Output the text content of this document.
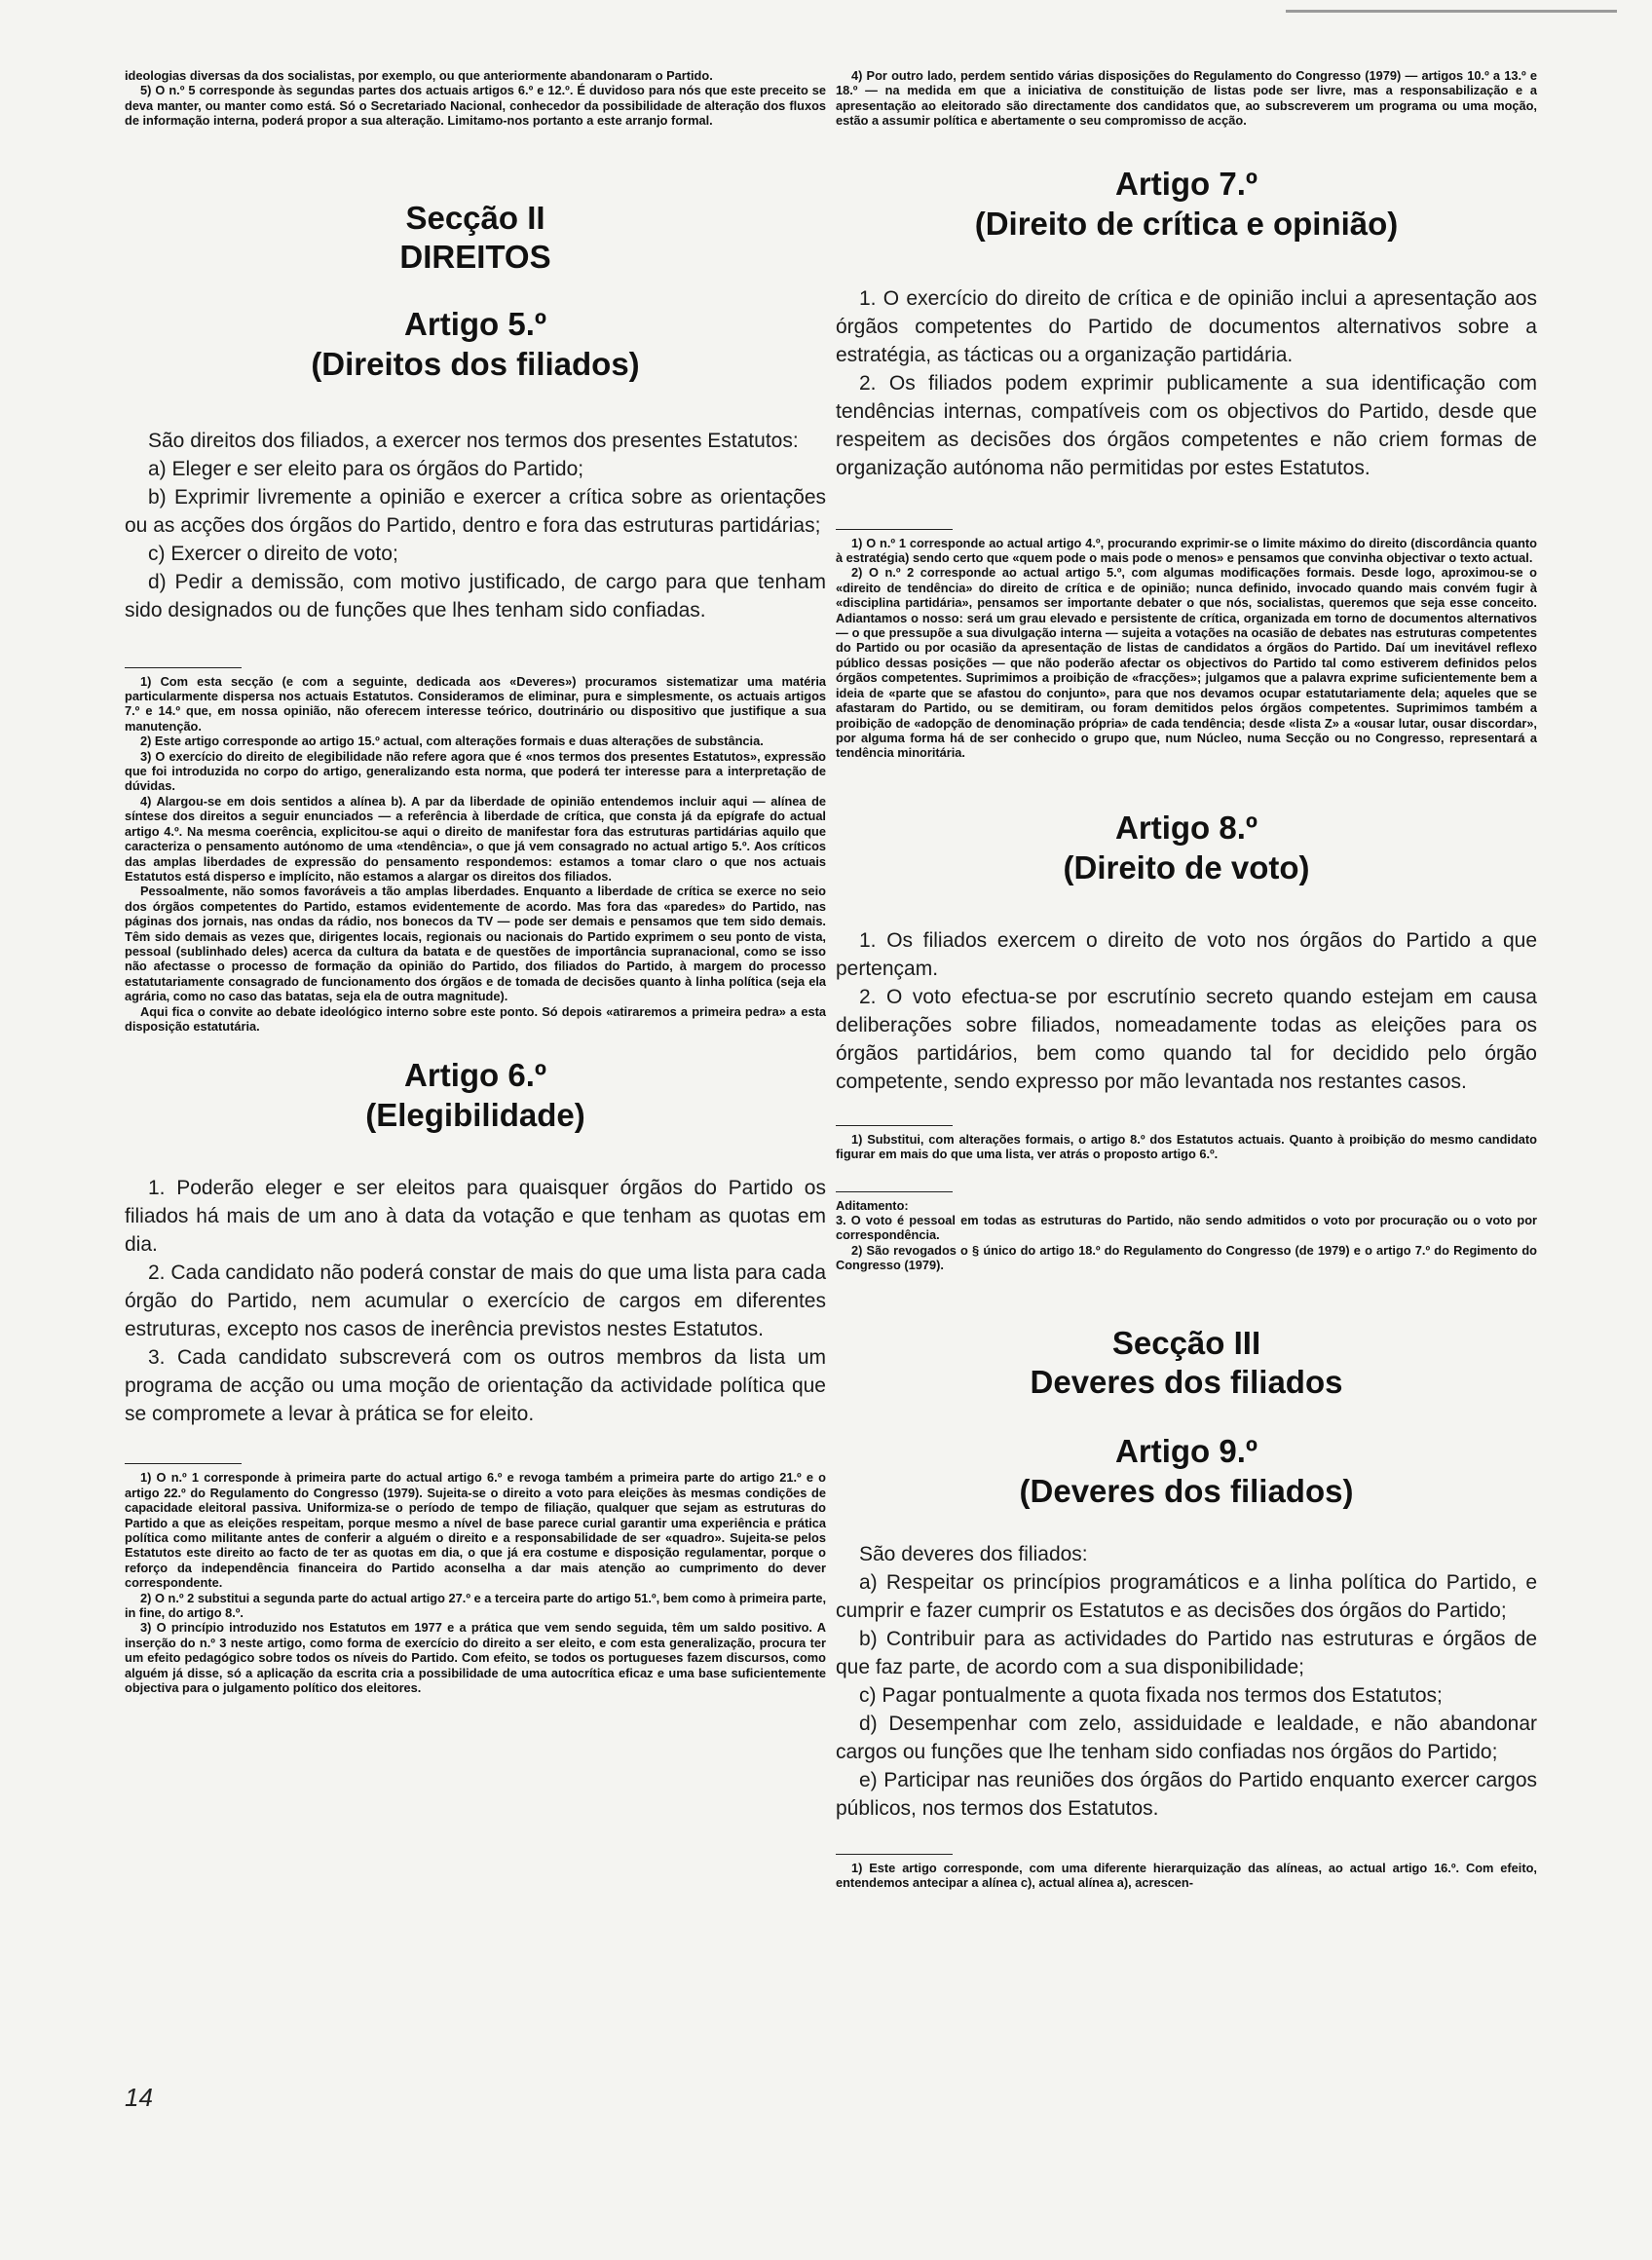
ideologias diversas da dos socialistas, por exemplo, ou que anteriormente abandonaram o Partido.

5) O n.º 5 corresponde às segundas partes dos actuais artigos 6.º e 12.º. É duvidoso para nós que este preceito se deva manter, ou manter como está. Só o Secretariado Nacional, conhecedor da possibilidade de alteração dos fluxos de informação interna, poderá propor a sua alteração. Limitamo-nos portanto a este arranjo formal.

Secção II
DIREITOS
Artigo 5.º
(Direitos dos filiados)

São direitos dos filiados, a exercer nos termos dos presentes Estatutos:

a) Eleger e ser eleito para os órgãos do Partido;

b) Exprimir livremente a opinião e exercer a crítica sobre as orientações ou as acções dos órgãos do Partido, dentro e fora das estruturas partidárias;

c) Exercer o direito de voto;

d) Pedir a demissão, com motivo justificado, de cargo para que tenham sido designados ou de funções que lhes tenham sido confiadas.

1) Com esta secção (e com a seguinte, dedicada aos «Deveres») procuramos sistematizar uma matéria particularmente dispersa nos actuais Estatutos. Consideramos de eliminar, pura e simplesmente, os actuais artigos 7.º e 14.º que, em nossa opinião, não oferecem interesse teórico, doutrinário ou dispositivo que justifique a sua manutenção.

2) Este artigo corresponde ao artigo 15.º actual, com alterações formais e duas alterações de substância.

3) O exercício do direito de elegibilidade não refere agora que é «nos termos dos presentes Estatutos», expressão que foi introduzida no corpo do artigo, generalizando esta norma, que poderá ter interesse para a interpretação de dúvidas.

4) Alargou-se em dois sentidos a alínea b). A par da liberdade de opinião entendemos incluir aqui — alínea de síntese dos direitos a seguir enunciados — a referência à liberdade de crítica, que consta já da epígrafe do actual artigo 4.º. Na mesma coerência, explicitou-se aqui o direito de manifestar fora das estruturas partidárias aquilo que caracteriza o pensamento autónomo de uma «tendência», o que já vem consagrado no actual artigo 5.º. Aos críticos das amplas liberdades de expressão do pensamento respondemos: estamos a tomar claro o que nos actuais Estatutos está disperso e implícito, não estamos a alargar os direitos dos filiados.

Pessoalmente, não somos favoráveis a tão amplas liberdades. Enquanto a liberdade de crítica se exerce no seio dos órgãos competentes do Partido, estamos evidentemente de acordo. Mas fora das «paredes» do Partido, nas páginas dos jornais, nas ondas da rádio, nos bonecos da TV — pode ser demais e pensamos que tem sido demais. Têm sido demais as vezes que, dirigentes locais, regionais ou nacionais do Partido exprimem o seu ponto de vista, pessoal (sublinhado deles) acerca da cultura da batata e de questões de importância supranacional, como se isso não afectasse o processo de formação da opinião do Partido, dos filiados do Partido, à margem do processo estatutariamente consagrado de funcionamento dos órgãos e de tomada de decisões quanto à linha política (seja ela agrária, como no caso das batatas, seja ela de outra magnitude).

Aqui fica o convite ao debate ideológico interno sobre este ponto. Só depois «atiraremos a primeira pedra» a esta disposição estatutária.

Artigo 6.º
(Elegibilidade)

1. Poderão eleger e ser eleitos para quaisquer órgãos do Partido os filiados há mais de um ano à data da votação e que tenham as quotas em dia.

2. Cada candidato não poderá constar de mais do que uma lista para cada órgão do Partido, nem acumular o exercício de cargos em diferentes estruturas, excepto nos casos de inerência previstos nestes Estatutos.

3. Cada candidato subscreverá com os outros membros da lista um programa de acção ou uma moção de orientação da actividade política que se compromete a levar à prática se for eleito.

1) O n.º 1 corresponde à primeira parte do actual artigo 6.º e revoga também a primeira parte do artigo 21.º e o artigo 22.º do Regulamento do Congresso (1979). Sujeita-se o direito a voto para eleições às mesmas condições de capacidade eleitoral passiva. Uniformiza-se o período de tempo de filiação, qualquer que sejam as estruturas do Partido a que as eleições respeitam, porque mesmo a nível de base parece curial garantir uma experiência e prática política como militante antes de conferir a alguém o direito e a responsabilidade de ser «quadro». Sujeita-se pelos Estatutos este direito ao facto de ter as quotas em dia, o que já era costume e disposição regulamentar, porque o reforço da independência financeira do Partido aconselha a dar mais atenção ao cumprimento do dever correspondente.

2) O n.º 2 substitui a segunda parte do actual artigo 27.º e a terceira parte do artigo 51.º, bem como à primeira parte, in fine, do artigo 8.º.

3) O princípio introduzido nos Estatutos em 1977 e a prática que vem sendo seguida, têm um saldo positivo. A inserção do n.º 3 neste artigo, como forma de exercício do direito a ser eleito, e com esta generalização, procura ter um efeito pedagógico sobre todos os níveis do Partido. Com efeito, se todos os portugueses fazem discursos, como alguém já disse, só a aplicação da escrita cria a possibilidade de uma autocrítica eficaz e uma base suficientemente objectiva para o julgamento político dos eleitores.

14

4) Por outro lado, perdem sentido várias disposições do Regulamento do Congresso (1979) — artigos 10.º a 13.º e 18.º — na medida em que a iniciativa de constituição de listas pode ser livre, mas a responsabilização e a apresentação ao eleitorado são directamente dos candidatos que, ao subscreverem um programa ou uma moção, estão a assumir política e abertamente o seu compromisso de acção.

Artigo 7.º
(Direito de crítica e opinião)

1. O exercício do direito de crítica e de opinião inclui a apresentação aos órgãos competentes do Partido de documentos alternativos sobre a estratégia, as tácticas ou a organização partidária.

2. Os filiados podem exprimir publicamente a sua identificação com tendências internas, compatíveis com os objectivos do Partido, desde que respeitem as decisões dos órgãos competentes e não criem formas de organização autónoma não permitidas por estes Estatutos.

1) O n.º 1 corresponde ao actual artigo 4.º, procurando exprimir-se o limite máximo do direito (discordância quanto à estratégia) sendo certo que «quem pode o mais pode o menos» e pensamos que convinha objectivar o texto actual.

2) O n.º 2 corresponde ao actual artigo 5.º, com algumas modificações formais. Desde logo, aproximou-se o «direito de tendência» do direito de crítica e de opinião; nunca definido, invocado quando mais convém fugir à «disciplina partidária», pensamos ser importante debater o que nós, socialistas, queremos que seja esse conceito. Adiantamos o nosso: será um grau elevado e persistente de crítica, organizada em torno de documentos alternativos — o que pressupõe a sua divulgação interna — sujeita a votações na ocasião de debates nas estruturas competentes do Partido ou por ocasião da apresentação de listas de candidatos a órgãos do Partido. Daí um inevitável reflexo público dessas posições — que não poderão afectar os objectivos do Partido tal como estiverem definidos pelos órgãos competentes. Suprimimos a proibição de «fracções»; julgamos que a palavra exprime suficientemente bem a ideia de «parte que se afastou do conjunto», para que nos devamos ocupar estatutariamente dela; aqueles que se afastaram do Partido, ou se demitiram, ou foram demitidos pelos órgãos competentes. Suprimimos também a proibição de «adopção de denominação própria» de cada tendência; desde «lista Z» a «ousar lutar, ousar discordar», por alguma forma há de ser conhecido o grupo que, num Núcleo, numa Secção ou no Congresso, representará a tendência minoritária.

Artigo 8.º
(Direito de voto)

1. Os filiados exercem o direito de voto nos órgãos do Partido a que pertençam.

2. O voto efectua-se por escrutínio secreto quando estejam em causa deliberações sobre filiados, nomeadamente todas as eleições para os órgãos partidários, bem como quando tal for decidido pelo órgão competente, sendo expresso por mão levantada nos restantes casos.

1) Substitui, com alterações formais, o artigo 8.º dos Estatutos actuais. Quanto à proibição do mesmo candidato figurar em mais do que uma lista, ver atrás o proposto artigo 6.º.

Aditamento:

3. O voto é pessoal em todas as estruturas do Partido, não sendo admitidos o voto por procuração ou o voto por correspondência.

2) São revogados o § único do artigo 18.º do Regulamento do Congresso (de 1979) e o artigo 7.º do Regimento do Congresso (1979).

Secção III
Deveres dos filiados
Artigo 9.º
(Deveres dos filiados)

São deveres dos filiados:

a) Respeitar os princípios programáticos e a linha política do Partido, e cumprir e fazer cumprir os Estatutos e as decisões dos órgãos do Partido;

b) Contribuir para as actividades do Partido nas estruturas e órgãos de que faz parte, de acordo com a sua disponibilidade;

c) Pagar pontualmente a quota fixada nos termos dos Estatutos;

d) Desempenhar com zelo, assiduidade e lealdade, e não abandonar cargos ou funções que lhe tenham sido confiadas nos órgãos do Partido;

e) Participar nas reuniões dos órgãos do Partido enquanto exercer cargos públicos, nos termos dos Estatutos.

1) Este artigo corresponde, com uma diferente hierarquização das alíneas, ao actual artigo 16.º. Com efeito, entendemos antecipar a alínea c), actual alínea a), acrescen-
